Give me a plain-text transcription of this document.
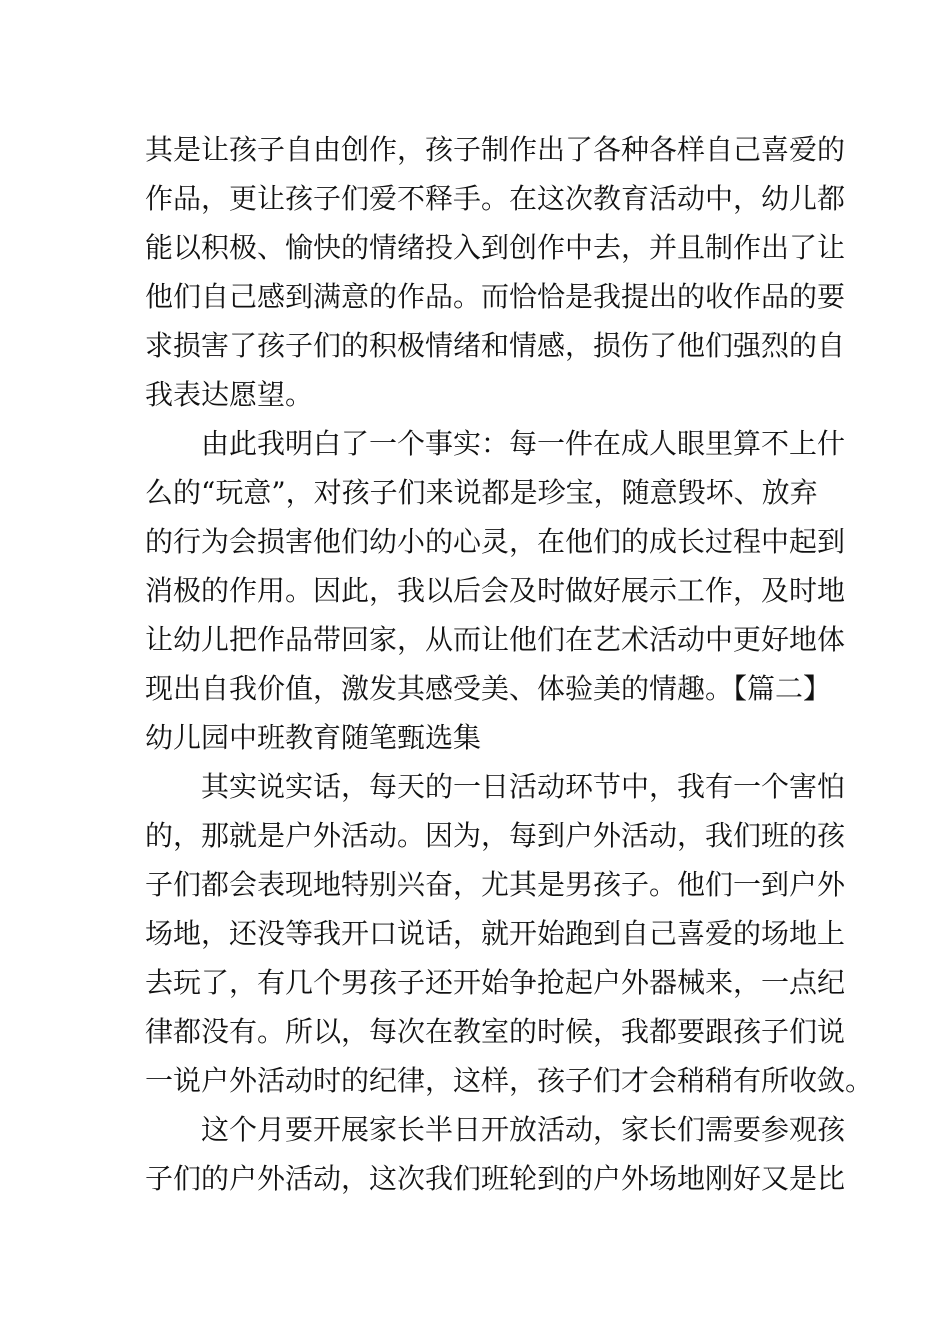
其是让孩子自由创作，孩子制作出了各种各样自己喜爱的
作品，更让孩子们爱不释手。在这次教育活动中，幼儿都
能以积极、愉快的情绪投入到创作中去，并且制作出了让
他们自己感到满意的作品。而恰恰是我提出的收作品的要
求损害了孩子们的积极情绪和情感，损伤了他们强烈的自
我表达愿望。
　　由此我明白了一个事实：每一件在成人眼里算不上什
么的“玩意”，对孩子们来说都是珍宝，随意毁坏、放弃
的行为会损害他们幼小的心灵，在他们的成长过程中起到
消极的作用。因此，我以后会及时做好展示工作，及时地
让幼儿把作品带回家，从而让他们在艺术活动中更好地体
现出自我价值，激发其感受美、体验美的情趣。【篇二】
幼儿园中班教育随笔甄选集
　　其实说实话，每天的一日活动环节中，我有一个害怕
的，那就是户外活动。因为，每到户外活动，我们班的孩
子们都会表现地特别兴奋，尤其是男孩子。他们一到户外
场地，还没等我开口说话，就开始跑到自己喜爱的场地上
去玩了，有几个男孩子还开始争抢起户外器械来，一点纪
律都没有。所以，每次在教室的时候，我都要跟孩子们说
一说户外活动时的纪律，这样，孩子们才会稍稍有所收敛。
　　这个月要开展家长半日开放活动，家长们需要参观孩
子们的户外活动，这次我们班轮到的户外场地刚好又是比
